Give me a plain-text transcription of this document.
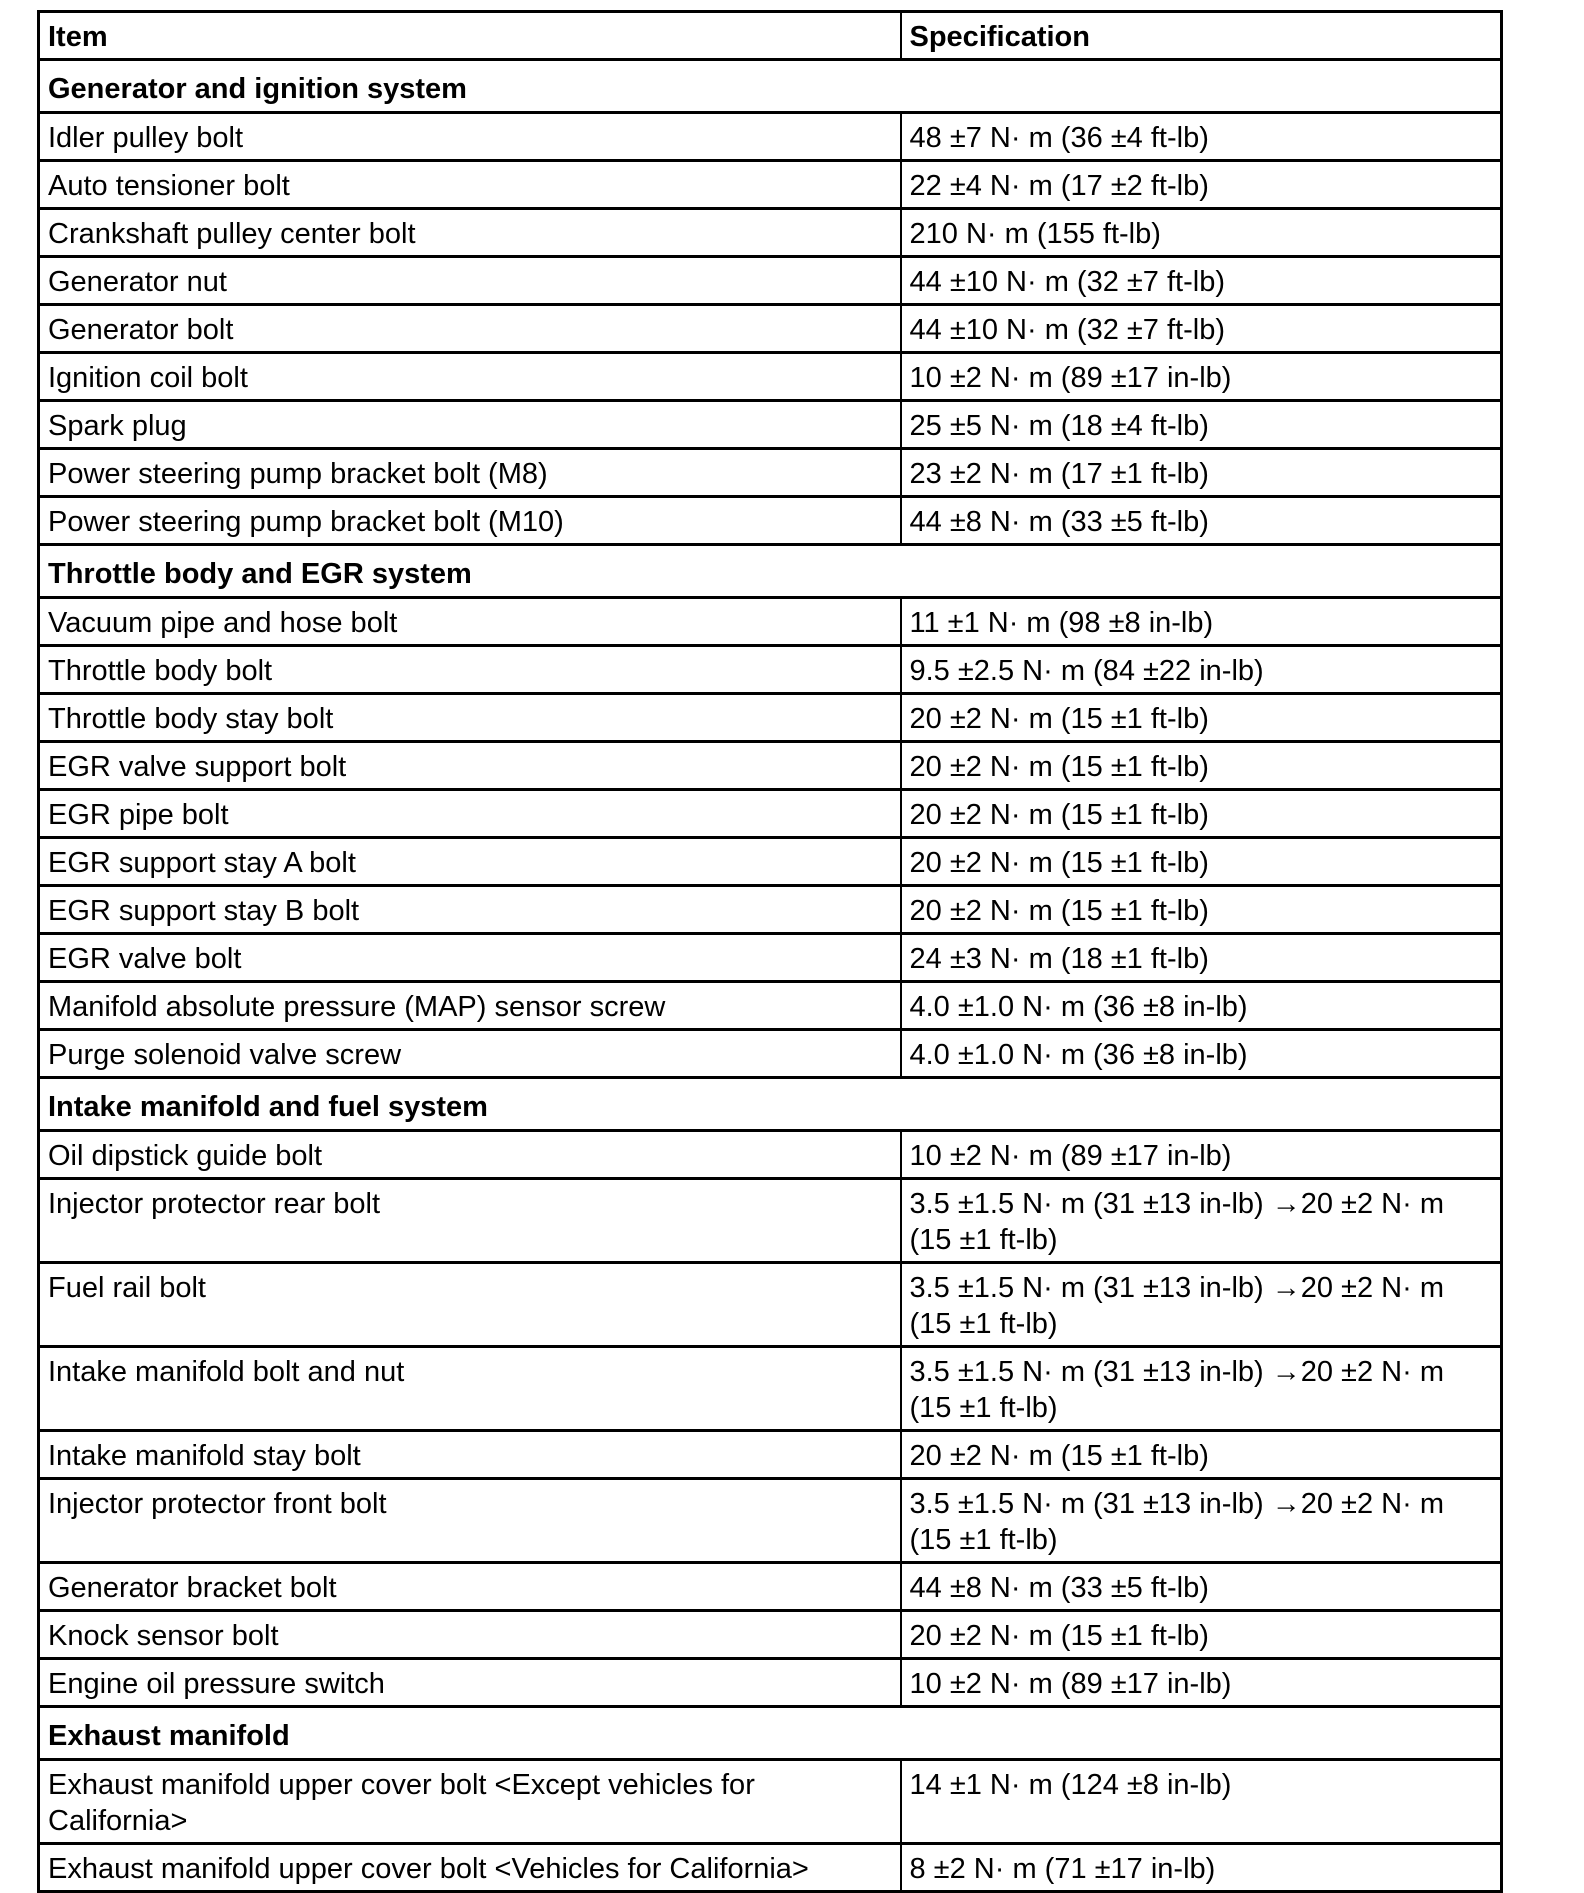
Item	Specification
Generator and ignition system	
Idler pulley bolt	48 ±7 N· m (36 ±4 ft-lb)
Auto tensioner bolt	22 ±4 N· m (17 ±2 ft-lb)
Crankshaft pulley center bolt	210 N· m (155 ft-lb)
Generator nut	44 ±10 N· m (32 ±7 ft-lb)
Generator bolt	44 ±10 N· m (32 ±7 ft-lb)
Ignition coil bolt	10 ±2 N· m (89 ±17 in-lb)
Spark plug	25 ±5 N· m (18 ±4 ft-lb)
Power steering pump bracket bolt (M8)	23 ±2 N· m (17 ±1 ft-lb)
Power steering pump bracket bolt (M10)	44 ±8 N· m (33 ±5 ft-lb)
Throttle body and EGR system	
Vacuum pipe and hose bolt	11 ±1 N· m (98 ±8 in-lb)
Throttle body bolt	9.5 ±2.5 N· m (84 ±22 in-lb)
Throttle body stay bolt	20 ±2 N· m (15 ±1 ft-lb)
EGR valve support bolt	20 ±2 N· m (15 ±1 ft-lb)
EGR pipe bolt	20 ±2 N· m (15 ±1 ft-lb)
EGR support stay A bolt	20 ±2 N· m (15 ±1 ft-lb)
EGR support stay B bolt	20 ±2 N· m (15 ±1 ft-lb)
EGR valve bolt	24 ±3 N· m (18 ±1 ft-lb)
Manifold absolute pressure (MAP) sensor screw	4.0 ±1.0 N· m (36 ±8 in-lb)
Purge solenoid valve screw	4.0 ±1.0 N· m (36 ±8 in-lb)
Intake manifold and fuel system	
Oil dipstick guide bolt	10 ±2 N· m (89 ±17 in-lb)
Injector protector rear bolt	3.5 ±1.5 N· m (31 ±13 in-lb) →20 ±2 N· m (15 ±1 ft-lb)
Fuel rail bolt	3.5 ±1.5 N· m (31 ±13 in-lb) →20 ±2 N· m (15 ±1 ft-lb)
Intake manifold bolt and nut	3.5 ±1.5 N· m (31 ±13 in-lb) →20 ±2 N· m (15 ±1 ft-lb)
Intake manifold stay bolt	20 ±2 N· m (15 ±1 ft-lb)
Injector protector front bolt	3.5 ±1.5 N· m (31 ±13 in-lb) →20 ±2 N· m (15 ±1 ft-lb)
Generator bracket bolt	44 ±8 N· m (33 ±5 ft-lb)
Knock sensor bolt	20 ±2 N· m (15 ±1 ft-lb)
Engine oil pressure switch	10 ±2 N· m (89 ±17 in-lb)
Exhaust manifold	
Exhaust manifold upper cover bolt <Except vehicles for California>	14 ±1 N· m (124 ±8 in-lb)
Exhaust manifold upper cover bolt <Vehicles for California>	8 ±2 N· m (71 ±17 in-lb)
